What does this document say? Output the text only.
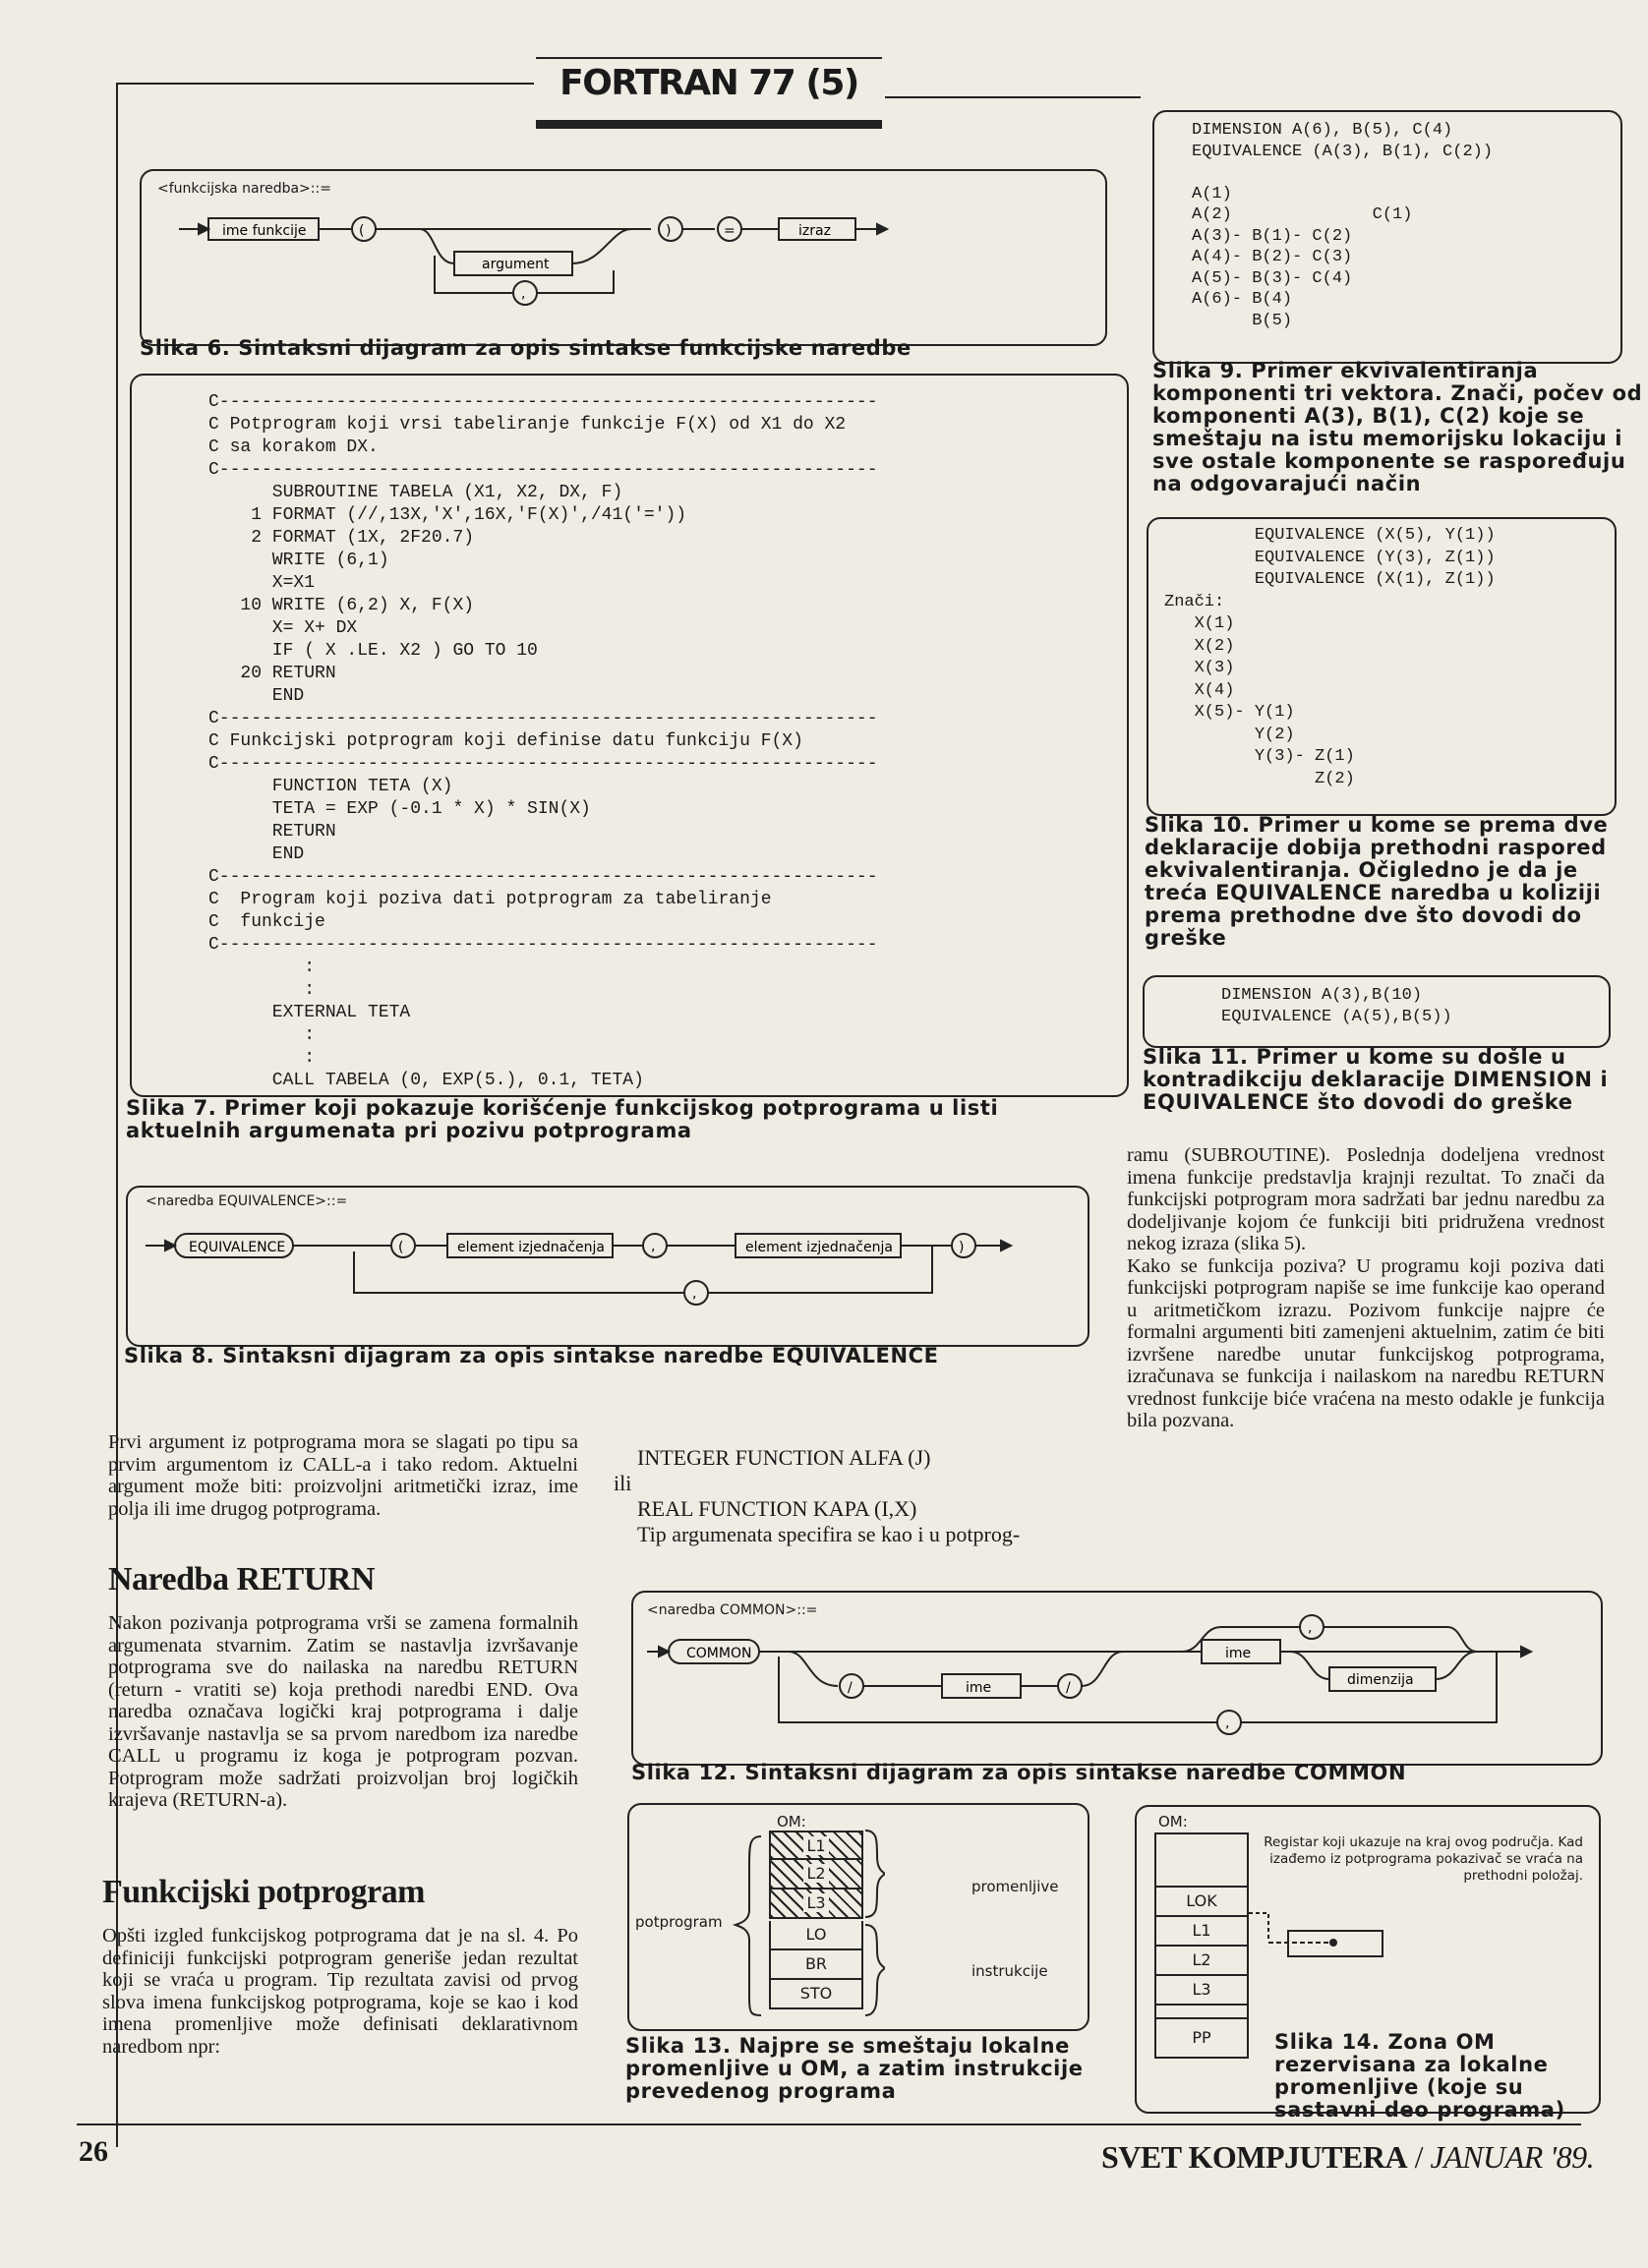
FORTRAN 77 (5)
<funkcijska naredba>::=
ime funkcije	(
argument
,
)	=	izraz
Slika 6. Sintaksni dijagram za opis sintakse funkcijske naredbe
C--------------------------------------------------------------
C Potprogram koji vrsi tabeliranje funkcije F(X) od X1 do X2
C sa korakom DX.
C--------------------------------------------------------------
SUBROUTINE TABELA (X1, X2, DX, F)
1 FORMAT (//,13X,'X',16X,'F(X)',/41('='))
2 FORMAT (1X, 2F20.7)
WRITE (6,1)
X=X1
10 WRITE (6,2) X, F(X)
X= X+ DX
IF ( X .LE. X2 ) GO TO 10
20 RETURN
END
C--------------------------------------------------------------
C Funkcijski potprogram koji definise datu funkciju F(X)
C--------------------------------------------------------------
FUNCTION TETA (X)
TETA = EXP (-0.1 * X) * SIN(X)
RETURN
END
C--------------------------------------------------------------
C  Program koji poziva dati potprogram za tabeliranje
C  funkcije
C--------------------------------------------------------------
:
:
EXTERNAL TETA
:
:
CALL TABELA (0, EXP(5.), 0.1, TETA)
Slika 7. Primer koji pokazuje korišćenje funkcijskog potprograma u listi aktuelnih argumenata pri pozivu potprograma
<naredba EQUIVALENCE>::=
EQUIVALENCE	(	element izjednačenja	,	element izjednačenja	)
,
Slika 8. Sintaksni dijagram za opis sintakse naredbe EQUIVALENCE
DIMENSION A(6), B(5), C(4)
EQUIVALENCE (A(3), B(1), C(2))

A(1)
A(2)              C(1)
A(3)- B(1)- C(2)
A(4)- B(2)- C(3)
A(5)- B(3)- C(4)
A(6)- B(4)
B(5)
Slika 9. Primer ekvivalentiranja komponenti tri vektora. Znači, počev od komponenti A(3), B(1), C(2) koje se smeštaju na istu memorijsku lokaciju i sve ostale komponente se raspoređuju na odgovarajući način
EQUIVALENCE (X(5), Y(1))
EQUIVALENCE (Y(3), Z(1))
EQUIVALENCE (X(1), Z(1))
Znači:
X(1)
X(2)
X(3)
X(4)
X(5)- Y(1)
Y(2)
Y(3)- Z(1)
Z(2)
Slika 10. Primer u kome se prema dve deklaracije dobija prethodni raspored ekvivalentiranja. Očigledno je da je treća EQUIVALENCE naredba u koliziji prema prethodne dve što dovodi do greške
DIMENSION A(3),B(10)
EQUIVALENCE (A(5),B(5))
Slika 11. Primer u kome su došle u kontradikciju deklaracije DIMENSION i EQUIVALENCE što dovodi do greške
ramu (SUBROUTINE). Poslednja dodeljena vrednost imena funkcije predstavlja krajnji rezultat. To znači da funkcijski potprogram mora sadržati bar jednu naredbu za dodeljivanje kojom će funkciji biti pridružena vrednost nekog izraza (slika 5).
Kako se funkcija poziva? U programu koji poziva dati funkcijski potprogram napiše se ime funkcije kao operand u aritmetičkom izrazu. Pozivom funkcije najpre će formalni argumenti biti zamenjeni aktuelnim, zatim će biti izvršene naredbe unutar funkcijskog potprograma, izračunava se funkcija i nailaskom na naredbu RETURN vrednost funkcije biće vraćena na mesto odakle je funkcija bila pozvana.
Prvi argument iz potprograma mora se slagati po tipu sa prvim argumentom iz CALL-a i tako redom. Aktuelni argument može biti: proizvoljni aritmetički izraz, ime polja ili ime drugog potprograma.
Naredba RETURN
Nakon pozivanja potprograma vrši se zamena formalnih argumenata stvarnim. Zatim se nastavlja izvršavanje potprograma sve do nailaska na naredbu RETURN (return - vratiti se) koja prethodi naredbi END. Ova naredba označava logički kraj potprograma i dalje izvršavanje nastavlja se sa prvom naredbom iza naredbe CALL u programu iz koga je potprogram pozvan. Potprogram može sadržati proizvoljan broj logičkih krajeva (RETURN-a).
Funkcijski potprogram
Opšti izgled funkcijskog potprograma dat je na sl. 4. Po definiciji funkcijski potprogram generiše jedan rezultat koji se vraća u program. Tip rezultata zavisi od prvog slova imena funkcijskog potprograma, koje se kao i kod imena promenljive može definisati deklarativnom naredbom npr:
INTEGER FUNCTION ALFA (J)
ili
REAL FUNCTION KAPA (I,X)
Tip argumenata specifira se kao i u potprog-
<naredba COMMON>::=
COMMON
/	ime	/
ime
dimenzija
,
,
Slika 12. Sintaksni dijagram za opis sintakse naredbe COMMON
OM:
L1
L2
L3
LO
BR
STO
potprogram
promenljive
instrukcije
Slika 13. Najpre se smeštaju lokalne promenljive u OM, a zatim instrukcije prevedenog programa
OM:
LOK
L1
L2
L3
PP
Registar koji ukazuje na kraj ovog područja. Kad izađemo iz potprograma pokazivač se vraća na prethodni položaj.
Slika 14. Zona OM rezervisana za lokalne promenljive (koje su sastavni deo programa)
26	SVET KOMPJUTERA / JANUAR '89.
